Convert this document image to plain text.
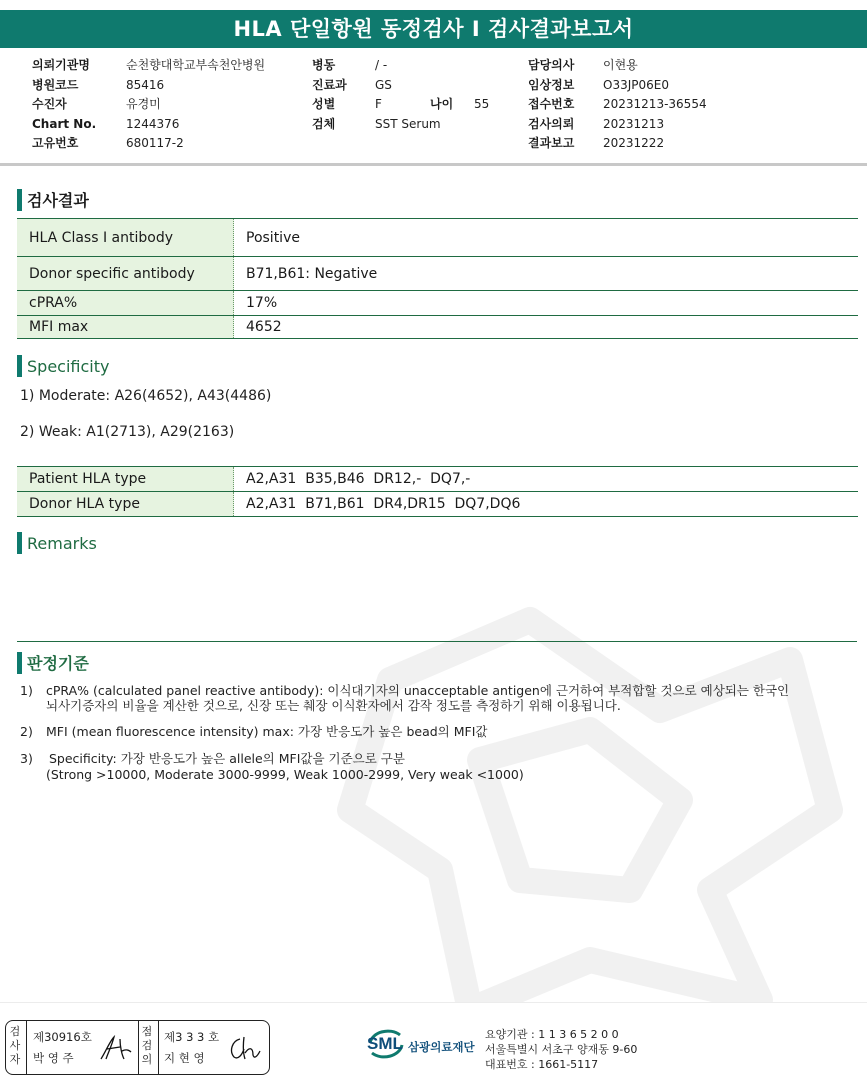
HLA 단일항원 동정검사 I 검사결과보고서
의뢰기관명	순천향대학교부속천안병원
병원코드	85416
수진자	유경미
Chart No.	1244376
고유번호	680117-2
병동	/ -
진료과	GS
성별	F	나이	55
검체	SST Serum
담당의사	이현용
임상정보	O33JP06E0
접수번호	20231213-36554
검사의뢰	20231213
결과보고	20231222
검사결과
HLA Class I antibody	Positive
Donor specific antibody	B71,B61: Negative
cPRA%	17%
MFI max	4652
Specificity
1) Moderate: A26(4652), A43(4486)
2) Weak: A1(2713), A29(2163)
Patient HLA type	A2,A31  B35,B46  DR12,-  DQ7,-
Donor HLA type	A2,A31  B71,B61  DR4,DR15  DQ7,DQ6
Remarks
판정기준
1) cPRA% (calculated panel reactive antibody): 이식대기자의 unacceptable antigen에 근거하여 부적합할 것으로 예상되는 한국인
뇌사기증자의 비율을 계산한 것으로, 신장 또는 췌장 이식환자에서 감작 정도를 측정하기 위해 이용됩니다.
2) MFI (mean fluorescence intensity) max: 가장 반응도가 높은 bead의 MFI값
3) Specificity: 가장 반응도가 높은 allele의 MFI값을 기준으로 구분
(Strong >10000, Moderate 3000-9999, Weak 1000-2999, Very weak <1000)
검사자
제30916호
박 영 주
점검의
제3 3 3 호
지 현 영
SML 삼광의료재단
요양기관 : 1 1 3 6 5 2 0 0
서울특별시 서초구 양재동 9-60
대표번호 : 1661-5117
